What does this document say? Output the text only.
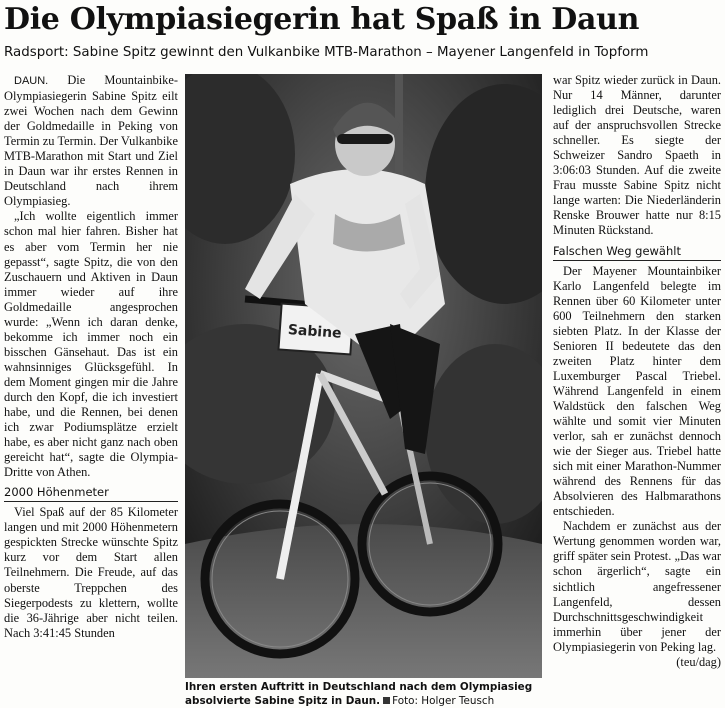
Die Olympiasiegerin hat Spaß in Daun
Radsport: Sabine Spitz gewinnt den Vulkanbike MTB-Marathon – Mayener Langenfeld in Topform

DAUN. Die Mountainbike-Olympiasiegerin Sabine Spitz eilt zwei Wochen nach dem Gewinn der Goldmedaille in Peking von Termin zu Termin. Der Vulkanbike MTB-Marathon mit Start und Ziel in Daun war ihr erstes Rennen in Deutschland nach ihrem Olympiasieg.

„Ich wollte eigentlich immer schon mal hier fahren. Bisher hat es aber vom Termin her nie gepasst“, sagte Spitz, die von den Zuschauern und Aktiven in Daun immer wieder auf ihre Goldmedaille angesprochen wurde: „Wenn ich daran denke, bekomme ich immer noch ein bisschen Gänsehaut. Das ist ein wahnsinniges Glücksgefühl. In dem Moment gingen mir die Jahre durch den Kopf, die ich investiert habe, und die Rennen, bei denen ich zwar Podiumsplätze erzielt habe, es aber nicht ganz nach oben gereicht hat“, sagte die Olympia-Dritte von Athen.

2000 Höhenmeter

Viel Spaß auf der 85 Kilometer langen und mit 2000 Höhenmetern gespickten Strecke wünschte Spitz kurz vor dem Start allen Teilnehmern. Die Freude, auf das oberste Treppchen des Siegerpodests zu klettern, wollte die 36-Jährige aber nicht teilen. Nach 3:41:45 Stunden

Sabine
Ihren ersten Auftritt in Deutschland nach dem Olympiasieg absolvierte Sabine Spitz in Daun. Foto: Holger Teusch

war Spitz wieder zurück in Daun. Nur 14 Männer, darunter lediglich drei Deutsche, waren auf der anspruchsvollen Strecke schneller. Es siegte der Schweizer Sandro Spaeth in 3:06:03 Stunden. Auf die zweite Frau musste Sabine Spitz nicht lange warten: Die Niederländerin Renske Brouwer hatte nur 8:15 Minuten Rückstand.

Falschen Weg gewählt

Der Mayener Mountainbiker Karlo Langenfeld belegte im Rennen über 60 Kilometer unter 600 Teilnehmern den starken siebten Platz. In der Klasse der Senioren II bedeutete das den zweiten Platz hinter dem Luxemburger Pascal Triebel. Während Langenfeld in einem Waldstück den falschen Weg wählte und somit vier Minuten verlor, sah er zunächst dennoch wie der Sieger aus. Triebel hatte sich mit einer Marathon-Nummer während des Rennens für das Absolvieren des Halbmarathons entschieden.

Nachdem er zunächst aus der Wertung genommen worden war, griff später sein Protest. „Das war schon ärgerlich“, sagte ein sichtlich angefressener Langenfeld, dessen Durchschnittsgeschwindigkeit immerhin über jener der Olympiasiegerin von Peking lag.
(teu/dag)
